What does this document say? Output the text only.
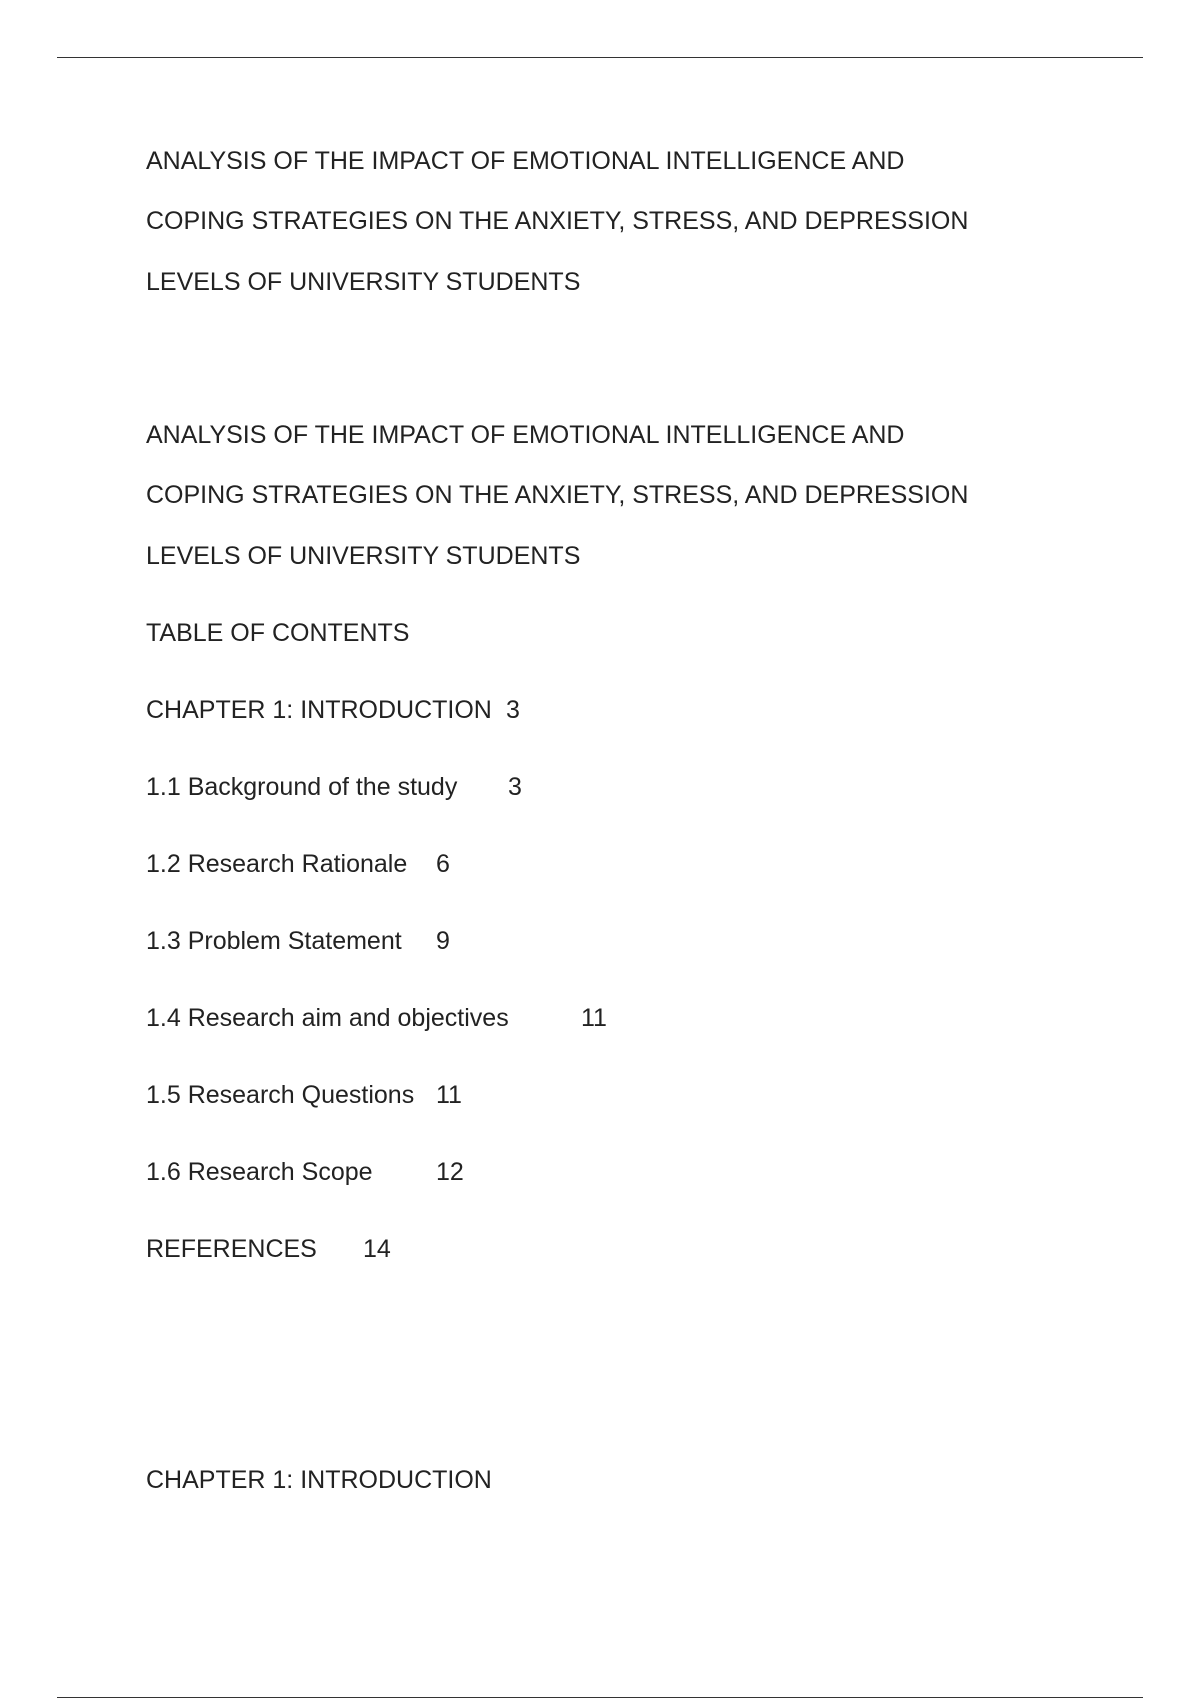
ANALYSIS OF THE IMPACT OF EMOTIONAL INTELLIGENCE AND
COPING STRATEGIES ON THE ANXIETY, STRESS, AND DEPRESSION
LEVELS OF UNIVERSITY STUDENTS
ANALYSIS OF THE IMPACT OF EMOTIONAL INTELLIGENCE AND
COPING STRATEGIES ON THE ANXIETY, STRESS, AND DEPRESSION
LEVELS OF UNIVERSITY STUDENTS
TABLE OF CONTENTS
CHAPTER 1: INTRODUCTION 3
1.1 Background of the study 3
1.2 Research Rationale 6
1.3 Problem Statement 9
1.4 Research aim and objectives	11
1.5 Research Questions 11
1.6 Research Scope	12
REFERENCES 14
CHAPTER 1: INTRODUCTION
